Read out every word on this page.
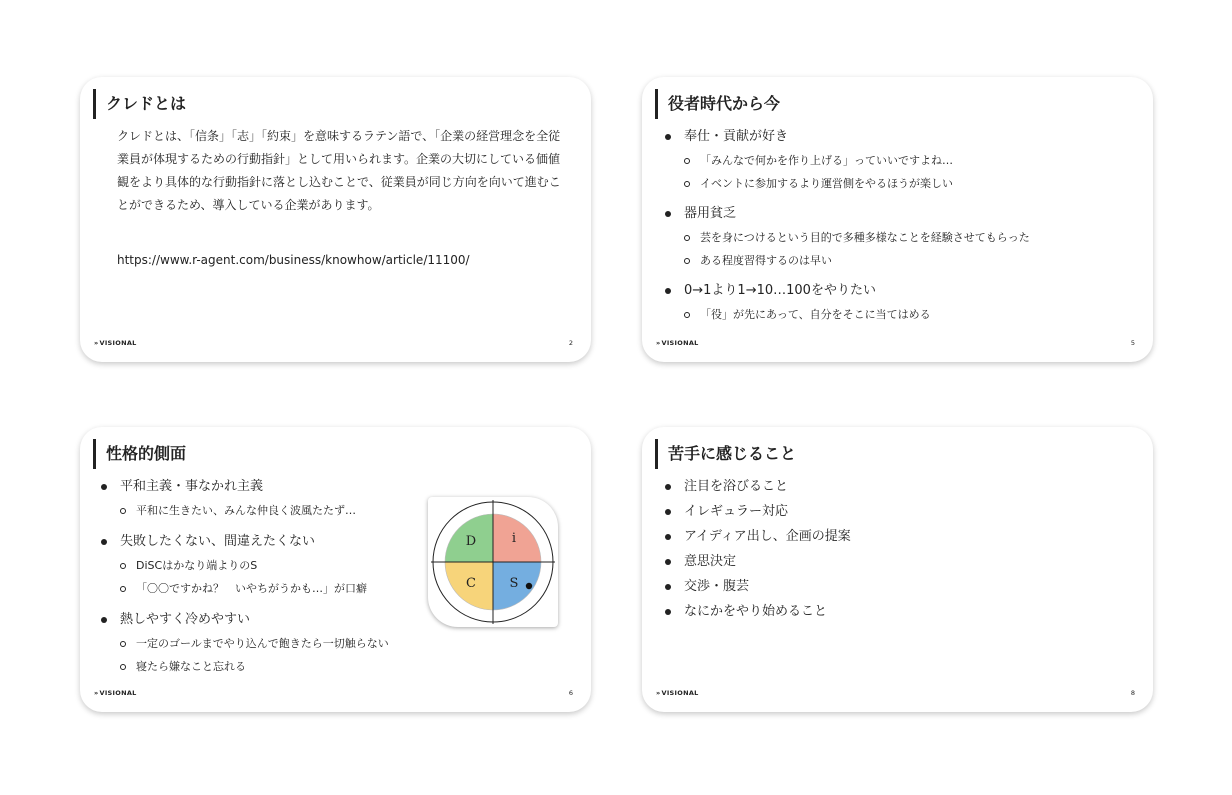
クレドとは
クレドとは、「信条」「志」「約束」を意味するラテン語で、「企業の経営理念を全従業員が体現するための行動指針」として用いられます。企業の大切にしている価値観をより具体的な行動指針に落とし込むことで、従業員が同じ方向を向いて進むことができるため、導入している企業があります。
https://www.r-agent.com/business/knowhow/article/11100/
»VISIONAL	2
役者時代から今
奉仕・貢献が好き
「みんなで何かを作り上げる」っていいですよね…
イベントに参加するより運営側をやるほうが楽しい
器用貧乏
芸を身につけるという目的で多種多様なことを経験させてもらった
ある程度習得するのは早い
0→1より1→10…100をやりたい
「役」が先にあって、自分をそこに当てはめる
»VISIONAL	5
性格的側面
平和主義・事なかれ主義
平和に生きたい、みんな仲良く波風たたず…
失敗したくない、間違えたくない
DiSCはかなり端よりのS
「〇〇ですかね？　いやちがうかも…」が口癖
熱しやすく冷めやすい
一定のゴールまでやり込んで飽きたら一切触らない
寝たら嫌なこと忘れる
D	i
S
C
»VISIONAL	6
苦手に感じること
注目を浴びること
イレギュラー対応
アイディア出し、企画の提案
意思決定
交渉・腹芸
なにかをやり始めること
»VISIONAL	8
